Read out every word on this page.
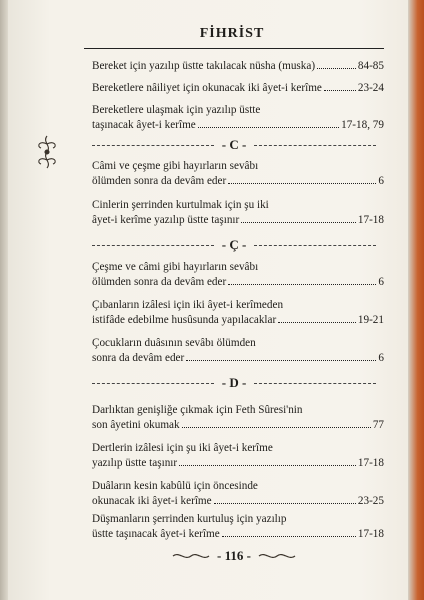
FİHRİST
Bereket için yazılıp üstte takılacak nüsha (muska)	84-85
Bereketlere nâiliyet için okunacak iki âyet-i kerîme	23-24
Bereketlere ulaşmak için yazılıp üstte
taşınacak âyet-i kerîme	17-18, 79
- C -
Câmi ve çeşme gibi hayırların sevâbı
ölümden sonra da devâm eder	6
Cinlerin şerrinden kurtulmak için şu iki
âyet-i kerîme yazılıp üstte taşınır	17-18
- Ç -
Çeşme ve câmi gibi hayırların sevâbı
ölümden sonra da devâm eder	6
Çıbanların izâlesi için iki âyet-i kerîmeden
istifâde edebilme husûsunda yapılacaklar	19-21
Çocukların duâsının sevâbı ölümden
sonra da devâm eder	6
- D -
Darlıktan genişliğe çıkmak için Feth Sûresi'nin
son âyetini okumak	77
Dertlerin izâlesi için şu iki âyet-i kerîme
yazılıp üstte taşınır	17-18
Duâların kesin kabûlü için öncesinde
okunacak iki âyet-i kerîme	23-25
Düşmanların şerrinden kurtuluş için yazılıp
üstte taşınacak âyet-i kerîme	17-18
- 116 -
